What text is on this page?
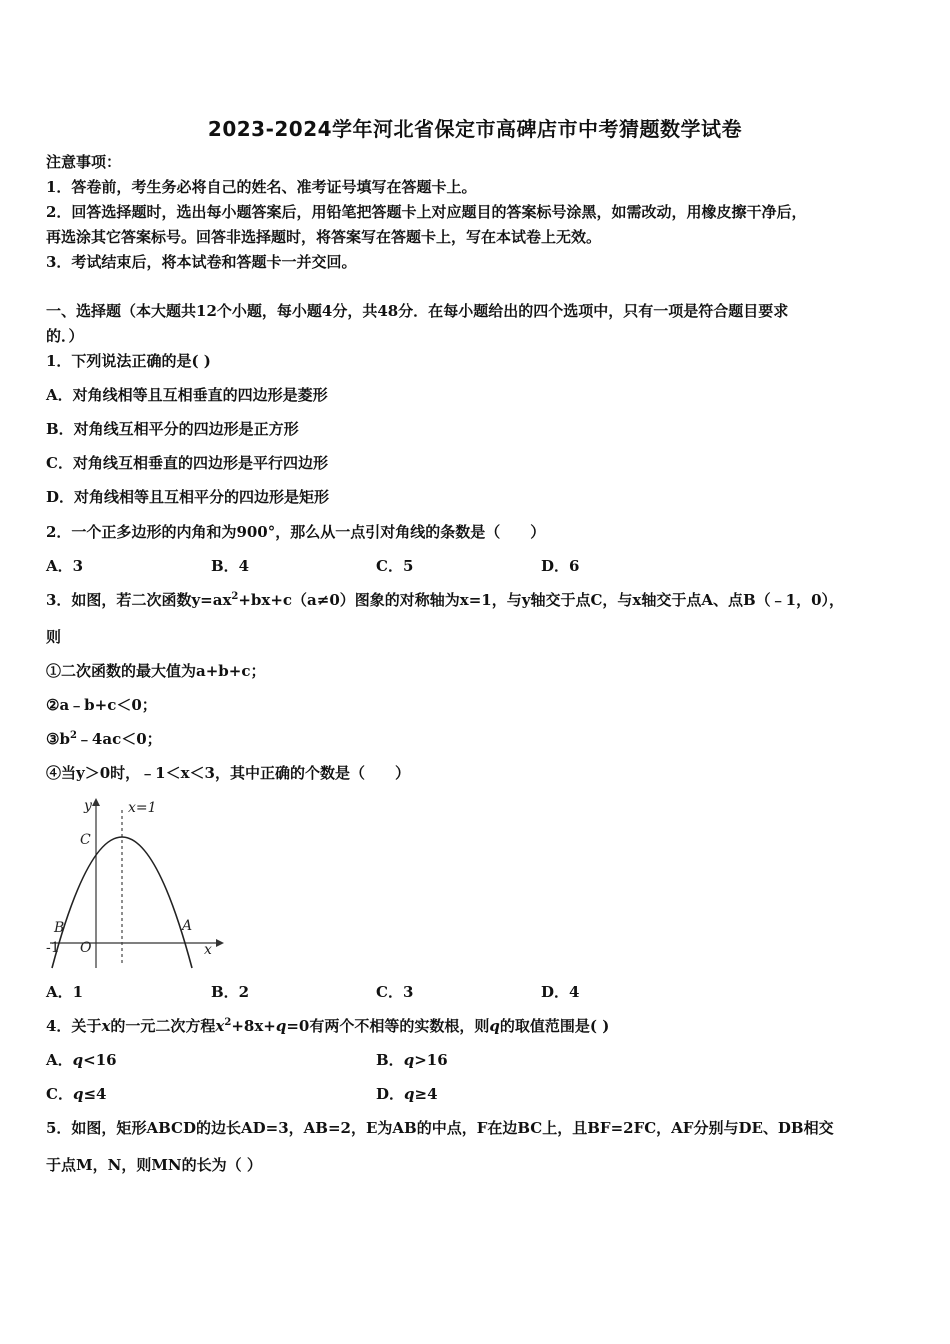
2023-2024学年河北省保定市高碑店市中考猜题数学试卷
注意事项：
1．答卷前，考生务必将自己的姓名、准考证号填写在答题卡上。
2．回答选择题时，选出每小题答案后，用铅笔把答题卡上对应题目的答案标号涂黑，如需改动，用橡皮擦干净后，
再选涂其它答案标号。回答非选择题时，将答案写在答题卡上，写在本试卷上无效。
3．考试结束后，将本试卷和答题卡一并交回。
一、选择题（本大题共12个小题，每小题4分，共48分．在每小题给出的四个选项中，只有一项是符合题目要求
的．）
1．下列说法正确的是( )
A．对角线相等且互相垂直的四边形是菱形
B．对角线互相平分的四边形是正方形
C．对角线互相垂直的四边形是平行四边形
D．对角线相等且互相平分的四边形是矩形
2．一个正多边形的内角和为900°，那么从一点引对角线的条数是（　　）
A．3	B．4	C．5	D．6
3．如图，若二次函数$y=ax^2+bx+c(a\ne 0)$图象的对称轴为x=1，与y轴交于点C，与x轴交于点A、点B（﹣1，0），
则
①二次函数的最大值为a+b+c；
②a﹣b+c＜0；
$③b^2﹣4ac<0$；
④当y＞0时，﹣1＜x＜3，其中正确的个数是（　　）
y	x=1
C
B	A
O	x
-1
A．1	B．2	C．3	D．4
4．关于x的一元二次方程$x^2+8x+q=0$有两个不相等的实数根，则q的取值范围是( )
A．q<16	B．q>16
C．q≤4	D．q≥4
5．如图，矩形ABCD的边长AD=3，AB=2，E为AB的中点，F在边BC上，且BF=2FC，AF分别与DE、DB相交
于点M，N，则MN的长为（ ）
